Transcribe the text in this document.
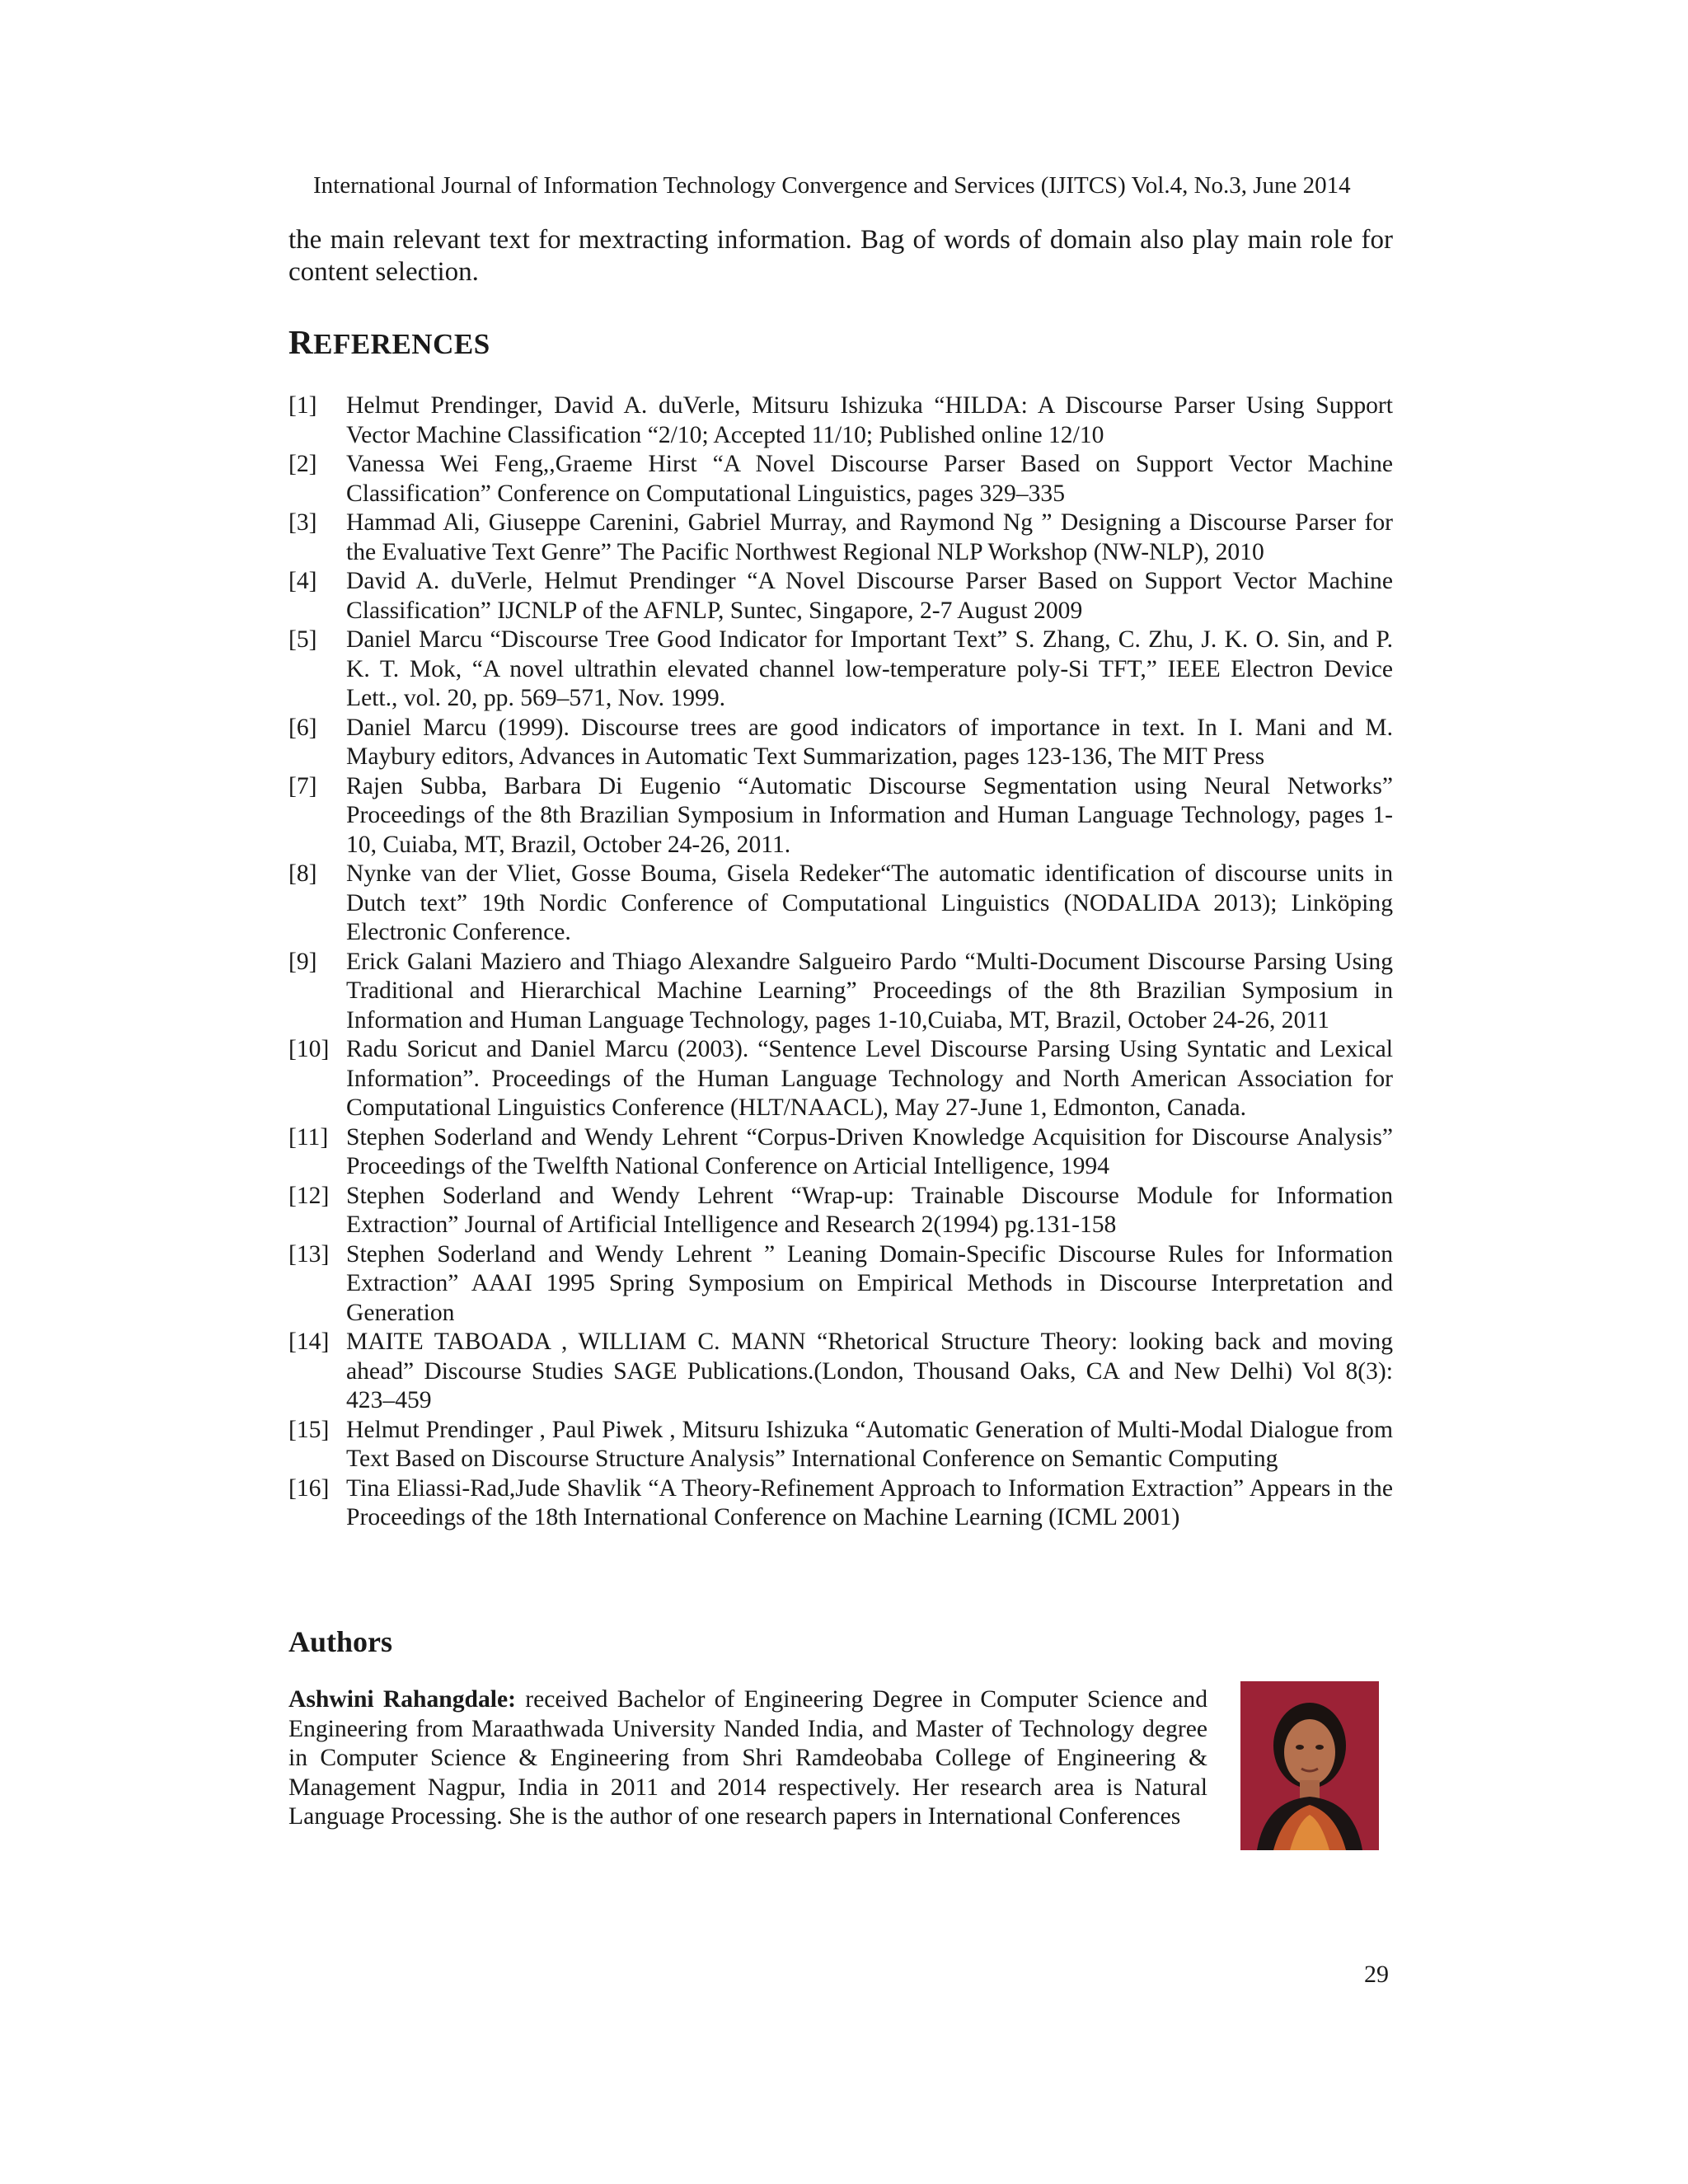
International Journal of Information Technology Convergence and Services (IJITCS) Vol.4, No.3, June 2014

the main relevant text for mextracting information. Bag of words of domain also play main role for content selection.

REFERENCES
[1]	Helmut Prendinger, David A. duVerle, Mitsuru Ishizuka “HILDA: A Discourse Parser Using Support Vector Machine Classification “2/10; Accepted 11/10; Published online 12/10
[2]	Vanessa Wei Feng,,Graeme Hirst “A Novel Discourse Parser Based on Support Vector Machine Classification” Conference on Computational Linguistics, pages 329–335
[3]	Hammad Ali, Giuseppe Carenini, Gabriel Murray, and Raymond Ng ” Designing a Discourse Parser for the Evaluative Text Genre” The Pacific Northwest Regional NLP Workshop (NW-NLP), 2010
[4]	David A. duVerle, Helmut Prendinger “A Novel Discourse Parser Based on Support Vector Machine Classification” IJCNLP of the AFNLP, Suntec, Singapore, 2-7 August 2009
[5]	Daniel Marcu “Discourse Tree Good Indicator for Important Text” S. Zhang, C. Zhu, J. K. O. Sin, and P. K. T. Mok, “A novel ultrathin elevated channel low-temperature poly-Si TFT,” IEEE Electron Device Lett., vol. 20, pp. 569–571, Nov. 1999.
[6]	Daniel Marcu (1999). Discourse trees are good indicators of importance in text. In I. Mani and M. Maybury editors, Advances in Automatic Text Summarization, pages 123-136, The MIT Press
[7]	Rajen Subba, Barbara Di Eugenio “Automatic Discourse Segmentation using Neural Networks” Proceedings of the 8th Brazilian Symposium in Information and Human Language Technology, pages 1-10, Cuiaba, MT, Brazil, October 24-26, 2011.
[8]	Nynke van der Vliet, Gosse Bouma, Gisela Redeker“The automatic identification of discourse units in Dutch text” 19th Nordic Conference of Computational Linguistics (NODALIDA 2013); Linköping Electronic Conference.
[9]	Erick Galani Maziero and Thiago Alexandre Salgueiro Pardo “Multi-Document Discourse Parsing Using Traditional and Hierarchical Machine Learning” Proceedings of the 8th Brazilian Symposium in Information and Human Language Technology, pages 1-10,Cuiaba, MT, Brazil, October 24-26, 2011
[10] Radu Soricut and Daniel Marcu (2003). “Sentence Level Discourse Parsing Using Syntatic and Lexical Information”. Proceedings of the Human Language Technology and North American Association for Computational Linguistics Conference (HLT/NAACL), May 27-June 1, Edmonton, Canada.
[11] Stephen Soderland and Wendy Lehrent “Corpus-Driven Knowledge Acquisition for Discourse Analysis” Proceedings of the Twelfth National Conference on Articial Intelligence, 1994
[12] Stephen Soderland and Wendy Lehrent “Wrap-up: Trainable Discourse Module for Information Extraction” Journal of Artificial Intelligence and Research 2(1994) pg.131-158
[13] Stephen Soderland and Wendy Lehrent ” Leaning Domain-Specific Discourse Rules for Information Extraction” AAAI 1995 Spring Symposium on Empirical Methods in Discourse Interpretation and Generation
[14] MAITE TABOADA , WILLIAM C. MANN “Rhetorical Structure Theory: looking back and moving ahead” Discourse Studies SAGE Publications.(London, Thousand Oaks, CA and New Delhi) Vol 8(3): 423–459
[15] Helmut Prendinger , Paul Piwek , Mitsuru Ishizuka “Automatic Generation of Multi-Modal Dialogue from Text Based on Discourse Structure Analysis” International Conference on Semantic Computing
[16] Tina Eliassi-Rad,Jude Shavlik “A Theory-Refinement Approach to Information Extraction” Appears in the Proceedings of the 18th International Conference on Machine Learning (ICML 2001)
Authors

Ashwini Rahangdale: received Bachelor of Engineering Degree in Computer Science and Engineering from Maraathwada University Nanded India, and Master of Technology degree in Computer Science & Engineering from Shri Ramdeobaba College of Engineering & Management Nagpur, India in 2011 and 2014 respectively. Her research area is Natural Language Processing. She is the author of one research papers in International Conferences

29
